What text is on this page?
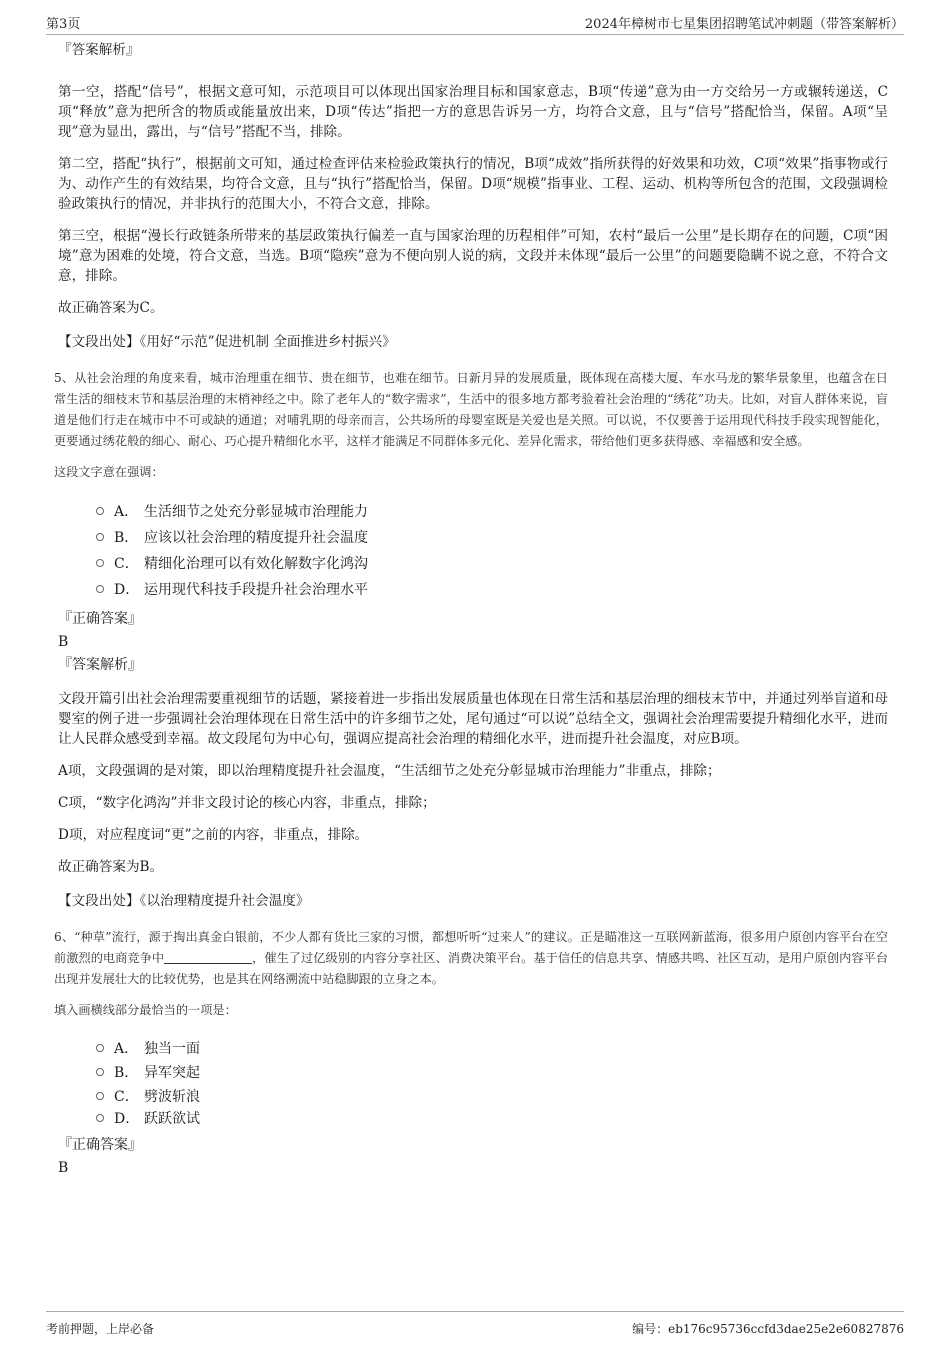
第3页	2024年樟树市七星集团招聘笔试冲刺题（带答案解析）

『答案解析』

第一空，搭配“信号”，根据文意可知，示范项目可以体现出国家治理目标和国家意志，B项“传递”意为由一方交给另一方或辗转递送，C项“释放”意为把所含的物质或能量放出来，D项“传达”指把一方的意思告诉另一方，均符合文意，且与“信号”搭配恰当，保留。A项“呈现”意为显出，露出，与“信号”搭配不当，排除。

第二空，搭配“执行”，根据前文可知，通过检查评估来检验政策执行的情况，B项“成效”指所获得的好效果和功效，C项“效果”指事物或行为、动作产生的有效结果，均符合文意，且与“执行”搭配恰当，保留。D项“规模”指事业、工程、运动、机构等所包含的范围，文段强调检验政策执行的情况，并非执行的范围大小，不符合文意，排除。

第三空，根据“漫长行政链条所带来的基层政策执行偏差一直与国家治理的历程相伴”可知，农村“最后一公里”是长期存在的问题，C项“困境”意为困难的处境，符合文意，当选。B项“隐疾”意为不便向别人说的病，文段并未体现“最后一公里”的问题要隐瞒不说之意，不符合文意，排除。

故正确答案为C。

【文段出处】《用好“示范”促进机制 全面推进乡村振兴》

5、从社会治理的角度来看，城市治理重在细节、贵在细节，也难在细节。日新月异的发展质量，既体现在高楼大厦、车水马龙的繁华景象里，也蕴含在日常生活的细枝末节和基层治理的末梢神经之中。除了老年人的“数字需求”，生活中的很多地方都考验着社会治理的“绣花”功夫。比如，对盲人群体来说，盲道是他们行走在城市中不可或缺的通道；对哺乳期的母亲而言，公共场所的母婴室既是关爱也是关照。可以说，不仅要善于运用现代科技手段实现智能化，更要通过绣花般的细心、耐心、巧心提升精细化水平，这样才能满足不同群体多元化、差异化需求，带给他们更多获得感、幸福感和安全感。

这段文字意在强调：

A． 生活细节之处充分彰显城市治理能力
B． 应该以社会治理的精度提升社会温度
C． 精细化治理可以有效化解数字化鸿沟
D． 运用现代科技手段提升社会治理水平

『正确答案』

B

『答案解析』

文段开篇引出社会治理需要重视细节的话题，紧接着进一步指出发展质量也体现在日常生活和基层治理的细枝末节中，并通过列举盲道和母婴室的例子进一步强调社会治理体现在日常生活中的许多细节之处，尾句通过“可以说”总结全文，强调社会治理需要提升精细化水平，进而让人民群众感受到幸福。故文段尾句为中心句，强调应提高社会治理的精细化水平，进而提升社会温度，对应B项。

A项，文段强调的是对策，即以治理精度提升社会温度，“生活细节之处充分彰显城市治理能力”非重点，排除；

C项，“数字化鸿沟”并非文段讨论的核心内容，非重点，排除；

D项，对应程度词“更”之前的内容，非重点，排除。

故正确答案为B。

【文段出处】《以治理精度提升社会温度》

6、“种草”流行，源于掏出真金白银前，不少人都有货比三家的习惯，都想听听“过来人”的建议。正是瞄准这一互联网新蓝海，很多用户原创内容平台在空前激烈的电商竞争中	，催生了过亿级别的内容分享社区、消费决策平台。基于信任的信息共享、情感共鸣、社区互动，是用户原创内容平台出现并发展壮大的比较优势，也是其在网络溯流中站稳脚跟的立身之本。

填入画横线部分最恰当的一项是：

A． 独当一面
B． 异军突起
C． 劈波斩浪
D． 跃跃欲试

『正确答案』

B

考前押题，上岸必备	编号：eb176c95736ccfd3dae25e2e60827876
